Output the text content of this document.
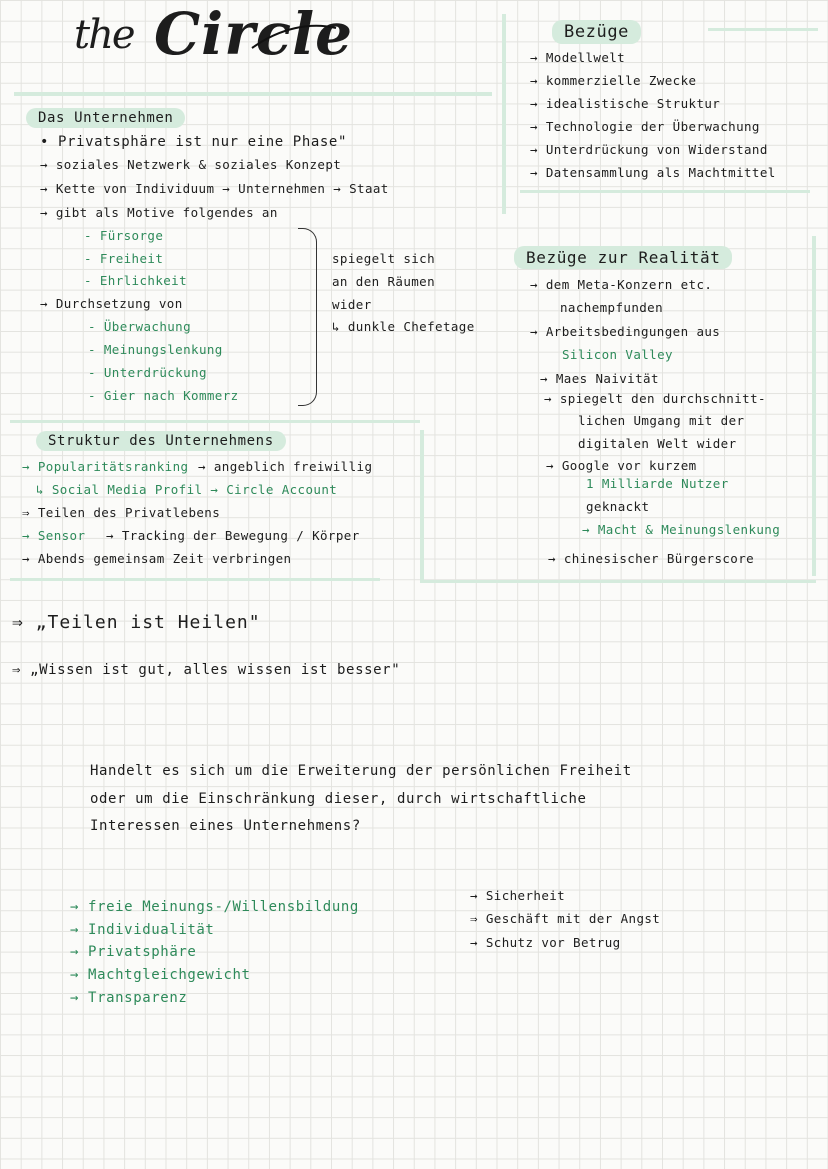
the Circle
Das Unternehmen
• Privatsphäre ist nur eine Phase"
→ soziales Netzwerk & soziales Konzept
→ Kette von Individuum → Unternehmen → Staat
→ gibt als Motive folgendes an
- Fürsorge
- Freiheit
- Ehrlichkeit
→ Durchsetzung von
- Überwachung
- Meinungslenkung
- Unterdrückung
- Gier nach Kommerz
spiegelt sich
an den Räumen
wider
↳ dunkle Chefetage
Struktur des Unternehmens
→ Popularitätsranking → angeblich freiwillig
↳ Social Media Profil → Circle Account
⇒ Teilen des Privatlebens
→ Sensor → Tracking der Bewegung / Körper
→ Abends gemeinsam Zeit verbringen
⇒ „Teilen ist Heilen"
⇒ „Wissen ist gut, alles wissen ist besser"
Bezüge
→ Modellwelt
→ kommerzielle Zwecke
→ idealistische Struktur
→ Technologie der Überwachung
→ Unterdrückung von Widerstand
→ Datensammlung als Machtmittel
Bezüge zur Realität
→ dem Meta-Konzern etc.
nachempfunden
→ Arbeitsbedingungen aus
Silicon Valley
→ Maes Naivität
→ spiegelt den durchschnitt-
lichen Umgang mit der
digitalen Welt wider
→ Google vor kurzem
1 Milliarde Nutzer
geknackt
→ Macht & Meinungslenkung
→ chinesischer Bürgerscore
Handelt es sich um die Erweiterung der persönlichen Freiheit
oder um die Einschränkung dieser, durch wirtschaftliche
Interessen eines Unternehmens?
→ freie Meinungs-/Willensbildung
→ Individualität
→ Privatsphäre
→ Machtgleichgewicht
→ Transparenz
→ Sicherheit
⇒ Geschäft mit der Angst
→ Schutz vor Betrug
